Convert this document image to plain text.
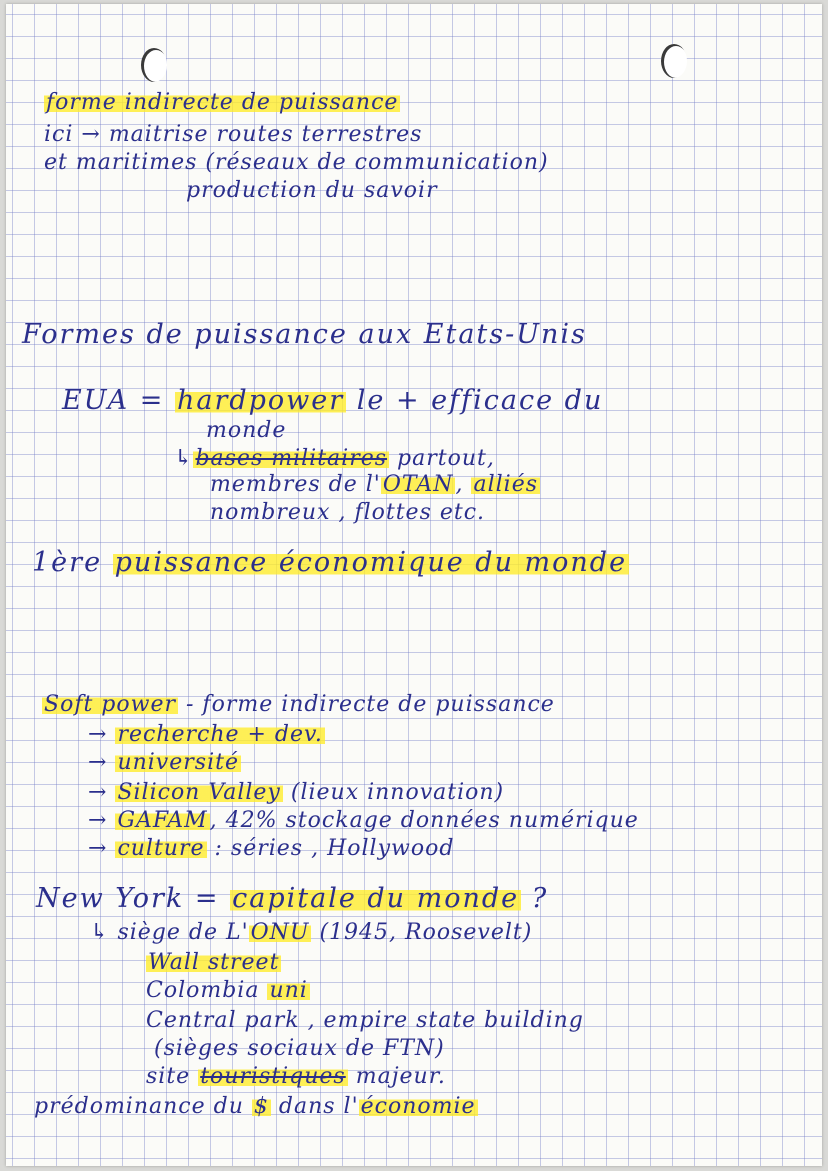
forme indirecte de puissance

ici → maitrise routes terrestres

et maritimes (réseaux de communication)

production du savoir

Formes de puissance aux Etats-Unis

EUA = hardpower le + efficace du

monde

↳bases militaires partout,

membres de l'OTAN, alliés

nombreux , flottes etc.

1ère puissance économique du monde

Soft power - forme indirecte de puissance

→ recherche + dev.

→ université

→ Silicon Valley (lieux innovation)

→ GAFAM, 42% stockage données numérique

→ culture : séries , Hollywood

New York = capitale du monde ?

↳ siège de L'ONU (1945, Roosevelt)

Wall street

Colombia uni

Central park , empire state building

(sièges sociaux de FTN)

site touristiques majeur.

prédominance du $ dans l'économie
